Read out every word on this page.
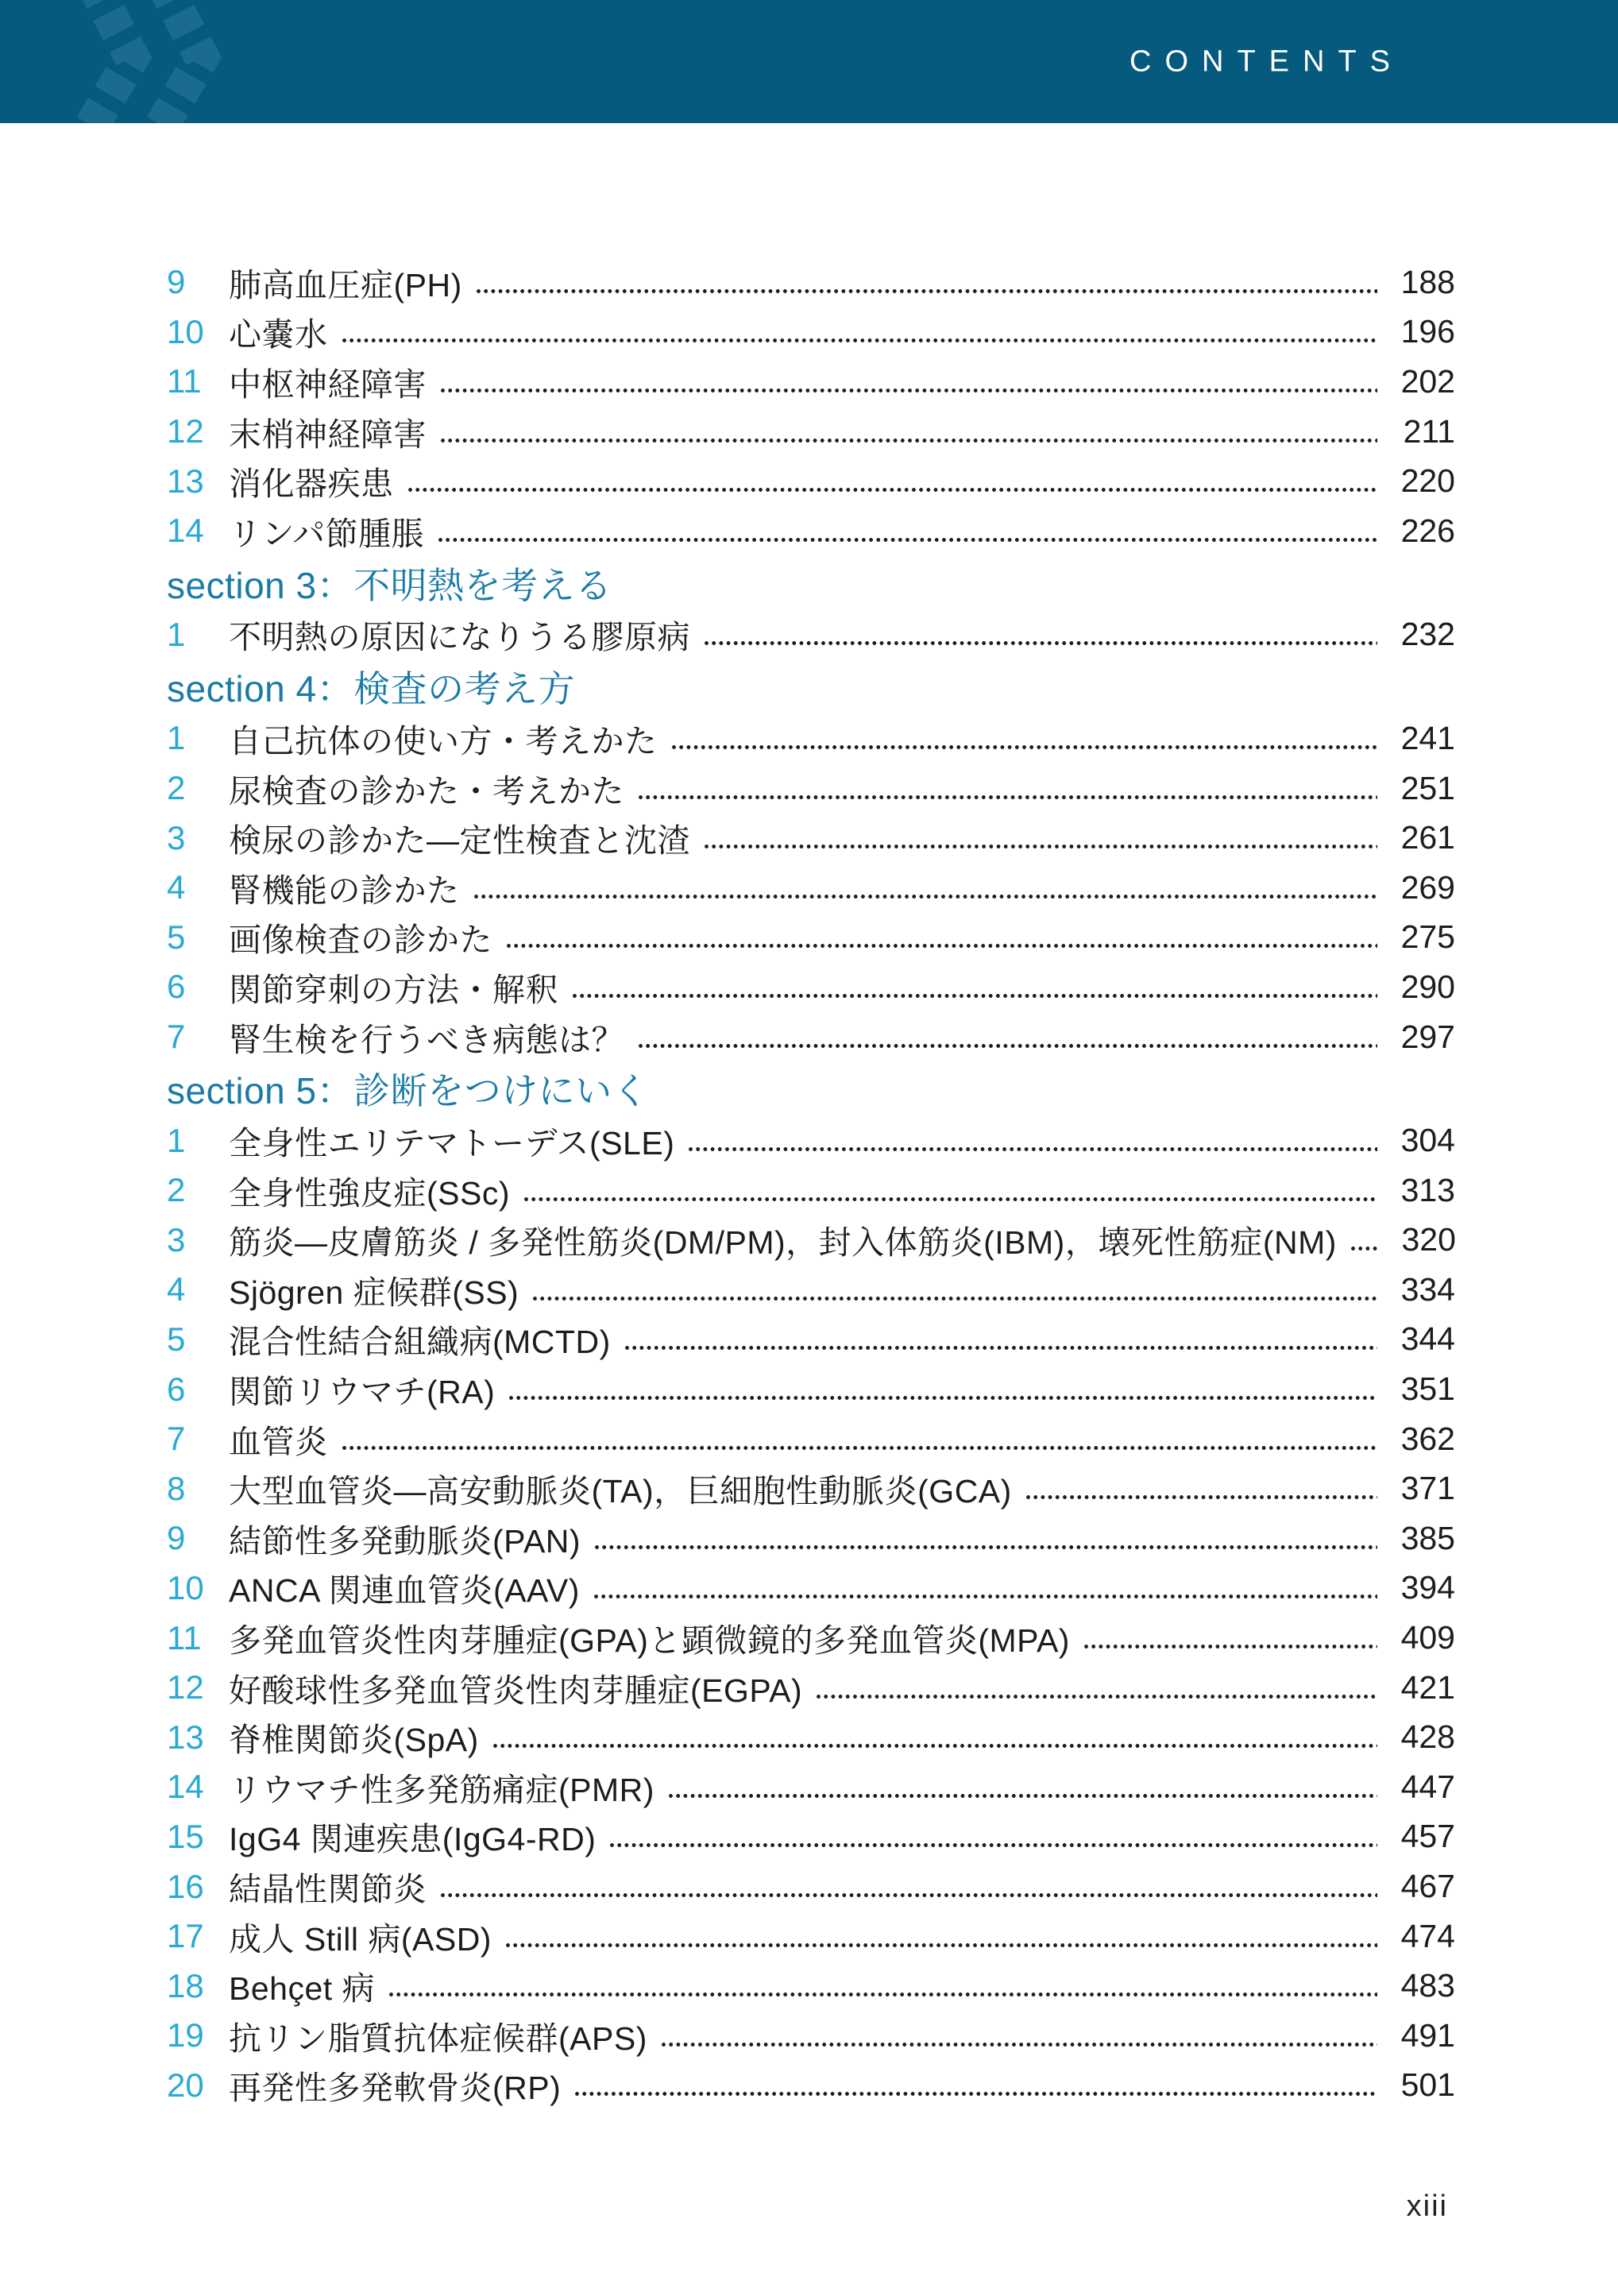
CONTENTS
9	肺高血圧症(PH)	188
10 心嚢水	196
11 中枢神経障害	202
12 末梢神経障害	211
13 消化器疾患	220
14 リンパ節腫脹	226
section 3：不明熱を考える
1	不明熱の原因になりうる膠原病	232
section 4：検査の考え方
1	自己抗体の使い方・考えかた	241
2	尿検査の診かた・考えかた	251
3	検尿の診かた―定性検査と沈渣	261
4	腎機能の診かた	269
5	画像検査の診かた	275
6	関節穿刺の方法・解釈	290
7	腎生検を行うべき病態は？	297
section 5：診断をつけにいく
1	全身性エリテマトーデス(SLE)	304
2	全身性強皮症(SSc)	313
3	筋炎―皮膚筋炎 / 多発性筋炎(DM/PM)，封入体筋炎(IBM)，壊死性筋症(NM)	320
4	Sjögren 症候群(SS)	334
5	混合性結合組織病(MCTD)	344
6	関節リウマチ(RA)	351
7	血管炎	362
8	大型血管炎―高安動脈炎(TA)，巨細胞性動脈炎(GCA)	371
9	結節性多発動脈炎(PAN)	385
10 ANCA 関連血管炎(AAV)	394
11 多発血管炎性肉芽腫症(GPA)と顕微鏡的多発血管炎(MPA)	409
12 好酸球性多発血管炎性肉芽腫症(EGPA)	421
13 脊椎関節炎(SpA)	428
14 リウマチ性多発筋痛症(PMR)	447
15 IgG4 関連疾患(IgG4-RD)	457
16 結晶性関節炎	467
17 成人 Still 病(ASD)	474
18 Behçet 病	483
19 抗リン脂質抗体症候群(APS)	491
20 再発性多発軟骨炎(RP)	501
xiii
